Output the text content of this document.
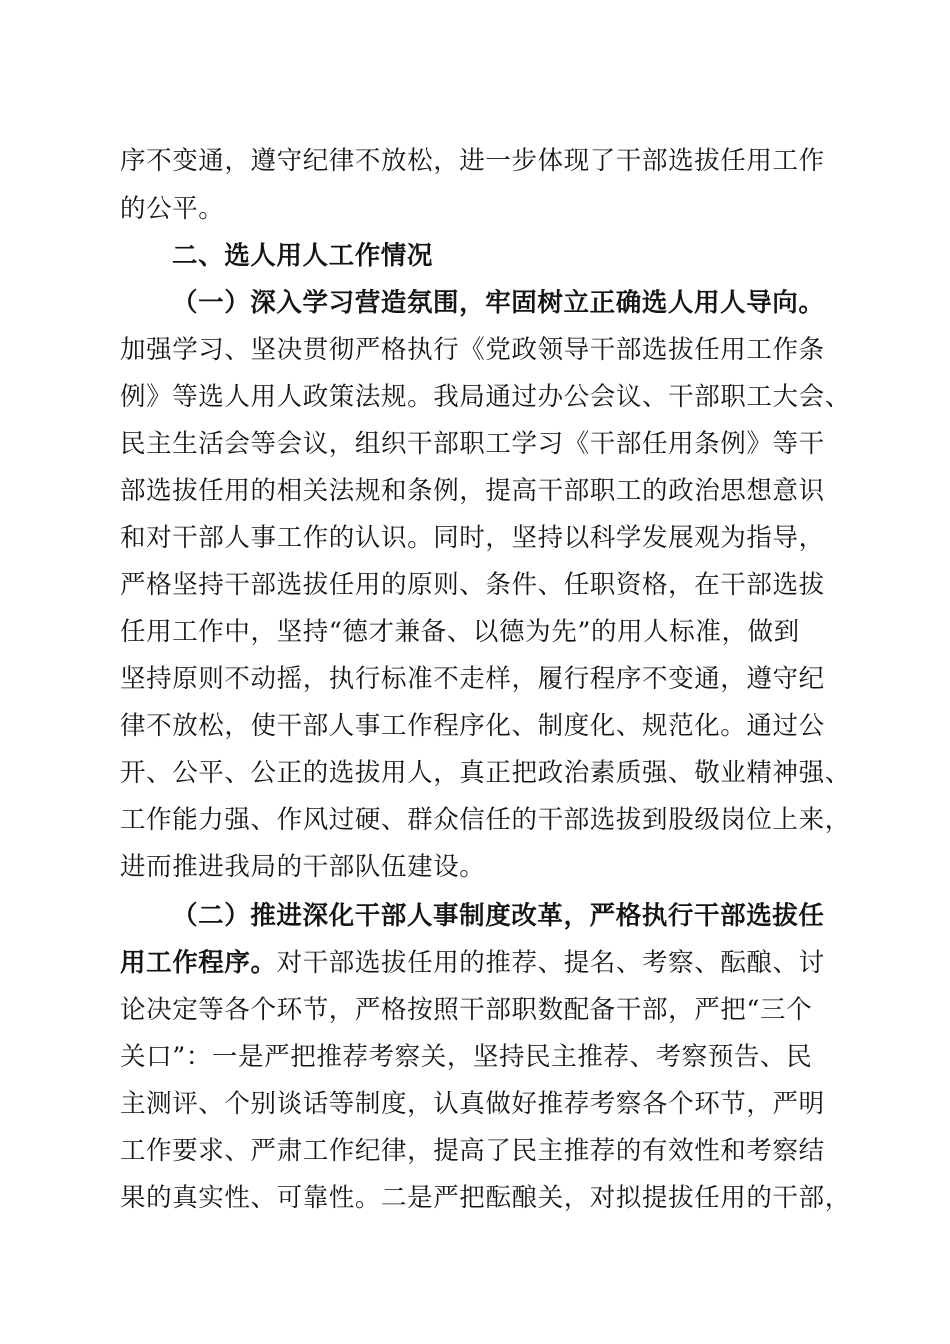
序不变通，遵守纪律不放松，进一步体现了干部选拔任用工作
的公平。
二、选人用人工作情况
（一）深入学习营造氛围，牢固树立正确选人用人导向。
加强学习、坚决贯彻严格执行《党政领导干部选拔任用工作条
例》等选人用人政策法规。我局通过办公会议、干部职工大会、
民主生活会等会议，组织干部职工学习《干部任用条例》等干
部选拔任用的相关法规和条例，提高干部职工的政治思想意识
和对干部人事工作的认识。同时，坚持以科学发展观为指导，
严格坚持干部选拔任用的原则、条件、任职资格，在干部选拔
任用工作中，坚持“德才兼备、以德为先”的用人标准，做到
坚持原则不动摇，执行标准不走样，履行程序不变通，遵守纪
律不放松，使干部人事工作程序化、制度化、规范化。通过公
开、公平、公正的选拔用人，真正把政治素质强、敬业精神强、
工作能力强、作风过硬、群众信任的干部选拔到股级岗位上来，
进而推进我局的干部队伍建设。
（二）推进深化干部人事制度改革，严格执行干部选拔任
用工作程序。对干部选拔任用的推荐、提名、考察、酝酿、讨
论决定等各个环节，严格按照干部职数配备干部，严把“三个
关口”：一是严把推荐考察关，坚持民主推荐、考察预告、民
主测评、个别谈话等制度，认真做好推荐考察各个环节，严明
工作要求、严肃工作纪律，提高了民主推荐的有效性和考察结
果的真实性、可靠性。二是严把酝酿关，对拟提拔任用的干部，
